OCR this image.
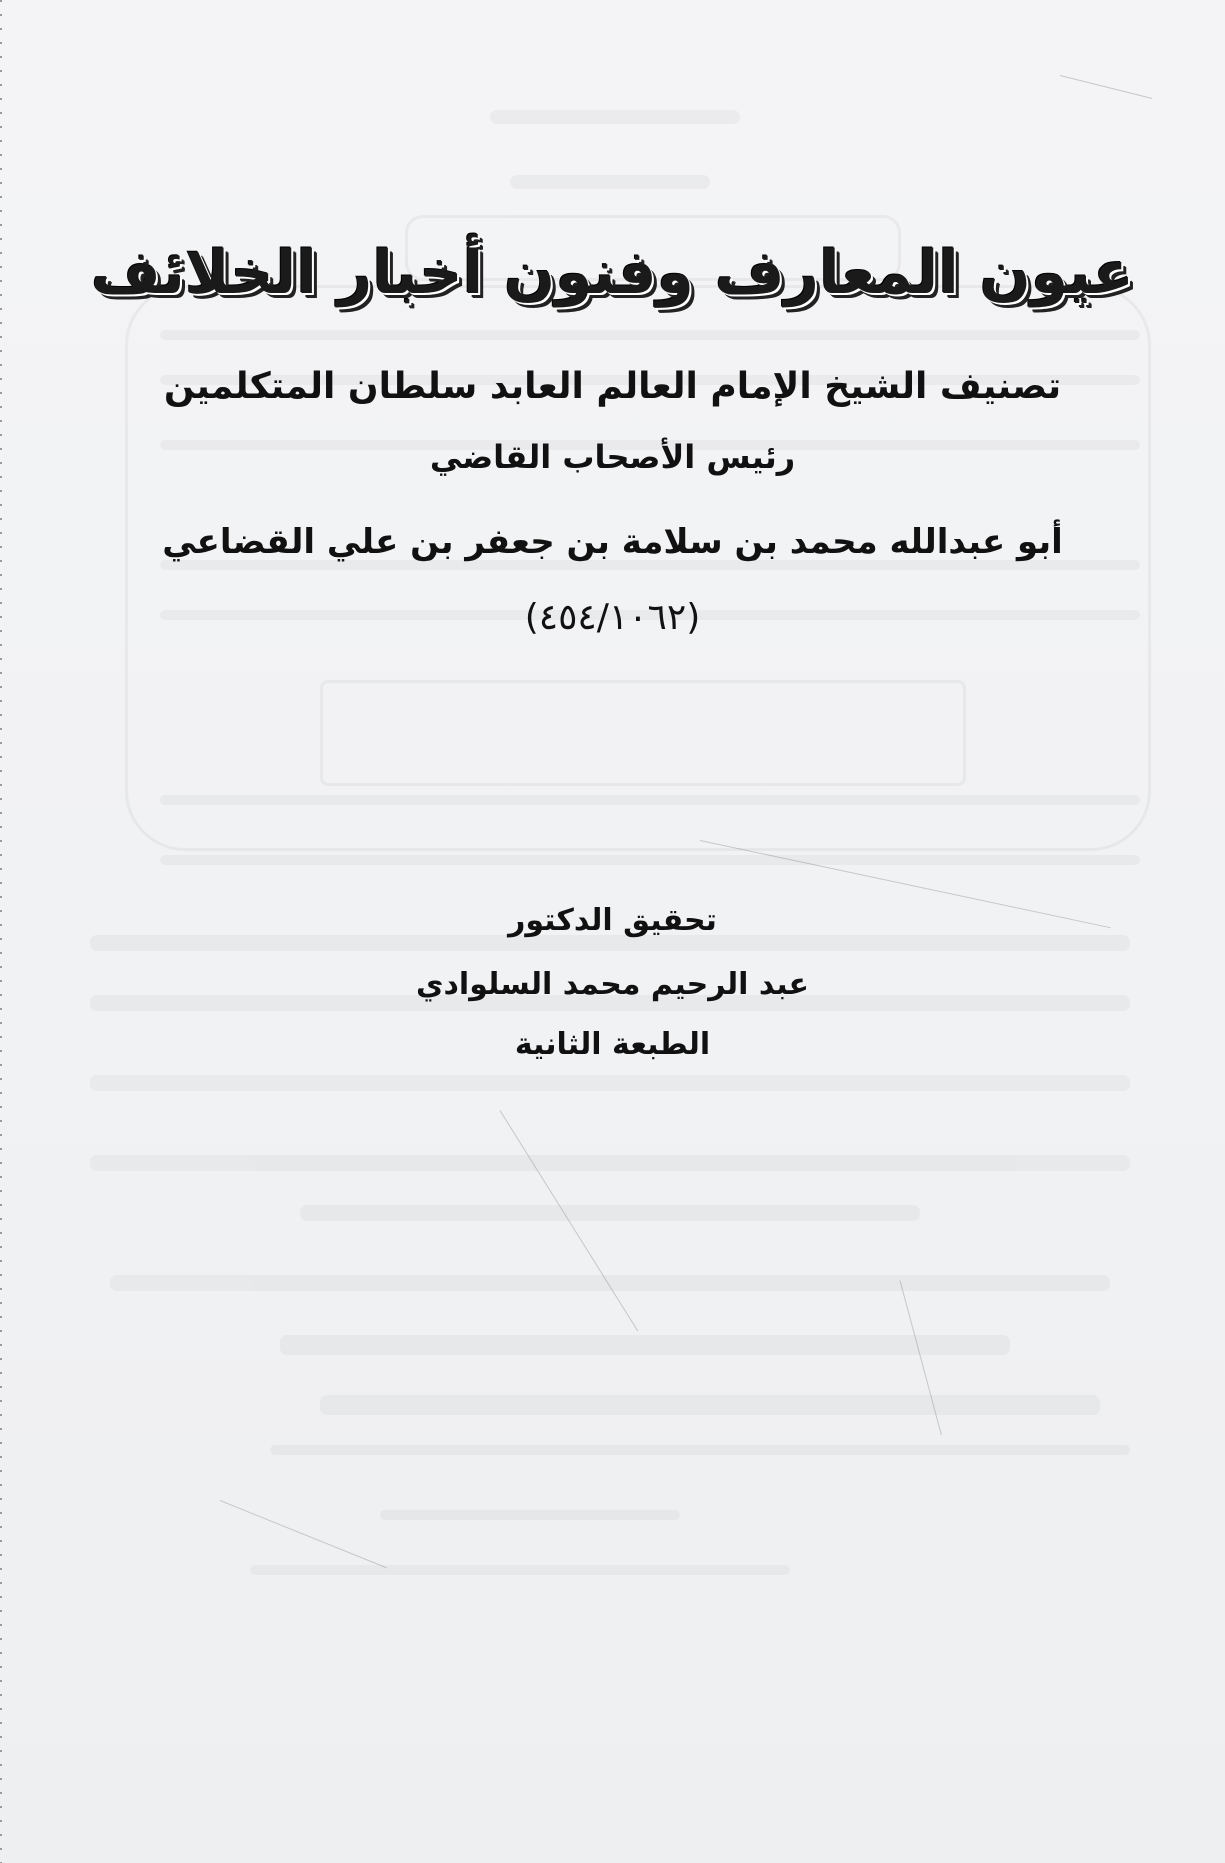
عيون المعارف وفنون أخبار الخلائف
تصنيف الشيخ الإمام العالم العابد سلطان المتكلمين
رئيس الأصحاب القاضي
أبو عبدالله محمد بن سلامة بن جعفر بن علي القضاعي
(٤٥٤/١٠٦٢)
تحقيق الدكتور
عبد الرحيم محمد السلوادي
الطبعة الثانية
